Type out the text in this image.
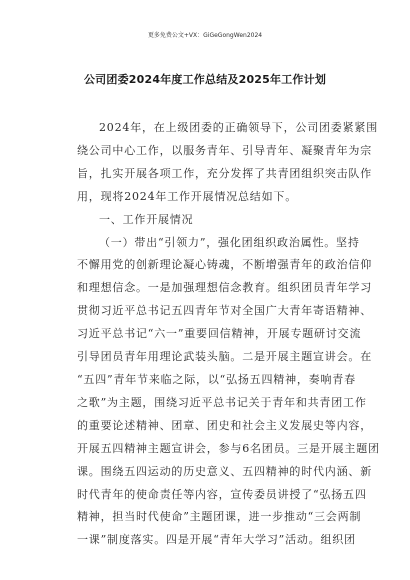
更多免费公文+VX：GiGeGongWen2024
公司团委2024年度工作总结及2025年工作计划

2024年，在上级团委的正确领导下，公司团委紧紧围
绕公司中心工作，以服务青年、引导青年、凝聚青年为宗
旨，扎实开展各项工作，充分发挥了共青团组织突击队作
用，现将2024年工作开展情况总结如下。

一、工作开展情况

（一）带出“引领力”，强化团组织政治属性。坚持
不懈用党的创新理论凝心铸魂，不断增强青年的政治信仰
和理想信念。一是加强理想信念教育。组织团员青年学习
贯彻习近平总书记五四青年节对全国广大青年寄语精神、
习近平总书记“六一”重要回信精神，开展专题研讨交流
引导团员青年用理论武装头脑。二是开展主题宣讲会。在
“五四”青年节来临之际，以“弘扬五四精神，奏响青春
之歌”为主题，围绕习近平总书记关于青年和共青团工作
的重要论述精神、团章、团史和社会主义发展史等内容，
开展五四精神主题宣讲会，参与6名团员。三是开展主题团
课。围绕五四运动的历史意义、五四精神的时代内涵、新
时代青年的使命责任等内容，宣传委员讲授了“弘扬五四
精神，担当时代使命”主题团课，进一步推动“三会两制
一课”制度落实。四是开展“青年大学习”活动。组织团
